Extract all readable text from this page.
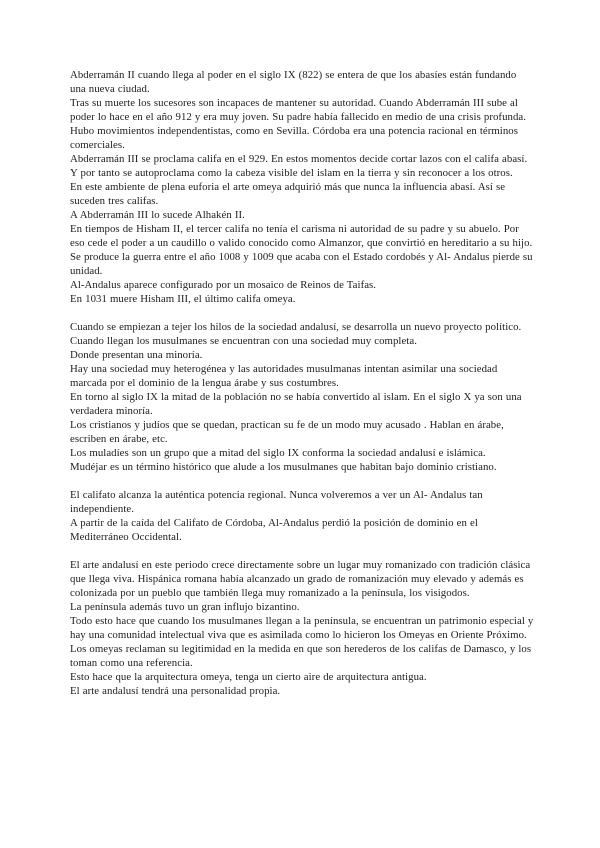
Abderramán II cuando llega al poder en el siglo IX (822) se entera de que los abasíes están fundando una nueva ciudad.

Tras su muerte los sucesores son incapaces de mantener su autoridad. Cuando Abderramán III sube al poder lo hace en el año 912 y era muy joven. Su padre había fallecido en medio de una crisis profunda. Hubo movimientos independentistas, como en Sevilla. Córdoba era una potencia racional en términos comerciales.

Abderramán III se proclama califa en el 929. En estos momentos decide cortar lazos con el califa abasí. Y por tanto se autoproclama como la cabeza visible del islam en la tierra y sin reconocer a los otros.

En este ambiente de plena euforia el arte omeya adquirió más que nunca la influencia abasí. Así se suceden tres califas.

A Abderramán III lo sucede Alhakén II.

En tiempos de Hisham II, el tercer califa no tenía el carisma ni autoridad de su padre y su abuelo. Por eso cede el poder a un caudillo o valido conocido como Almanzor, que convirtió en hereditario a su hijo.

Se produce la guerra entre el año 1008 y 1009 que acaba con el Estado cordobés y Al- Andalus pierde su unidad.

Al-Andalus aparece configurado por un mosaico de Reinos de Taifas.

En 1031 muere Hisham III, el último califa omeya.

Cuando se empiezan a tejer los hilos de la sociedad andalusí, se desarrolla un nuevo proyecto político.

Cuando llegan los musulmanes se encuentran con una sociedad muy completa.

Donde presentan una minoría.

Hay una sociedad muy heterogénea y las autoridades musulmanas intentan asimilar una sociedad marcada por el dominio de la lengua árabe y sus costumbres.

En torno al siglo IX la mitad de la población no se había convertido al islam. En el siglo X ya son una verdadera minoría.

Los cristianos y judíos que se quedan, practican su fe de un modo muy acusado . Hablan en árabe, escriben en árabe, etc.

Los muladíes son un grupo que a mitad del siglo IX conforma la sociedad andalusí e islámica.

Mudéjar es un término histórico que alude a los musulmanes que habitan bajo dominio cristiano.

El califato alcanza la auténtica potencia regional. Nunca volveremos a ver un Al- Andalus tan independiente.

A partir de la caída del Califato de Córdoba, Al-Andalus perdió la posición de dominio en el Mediterráneo Occidental.

El arte andalusí en este periodo crece directamente sobre un lugar muy romanizado con tradición clásica que llega viva. Hispánica romana había alcanzado un grado de romanización muy elevado y además es colonizada por un pueblo que también llega muy romanizado a la península, los visigodos.

La península además tuvo un gran influjo bizantino.

Todo esto hace que cuando los musulmanes llegan a la península, se encuentran un patrimonio especial y hay una comunidad intelectual viva que es asimilada como lo hicieron los Omeyas en Oriente Próximo.

Los omeyas reclaman su legitimidad en la medida en que son herederos de los califas de Damasco, y los toman como una referencia.

Esto hace que la arquitectura omeya, tenga un cierto aire de arquitectura antigua.

El arte andalusí tendrá una personalidad propia.
